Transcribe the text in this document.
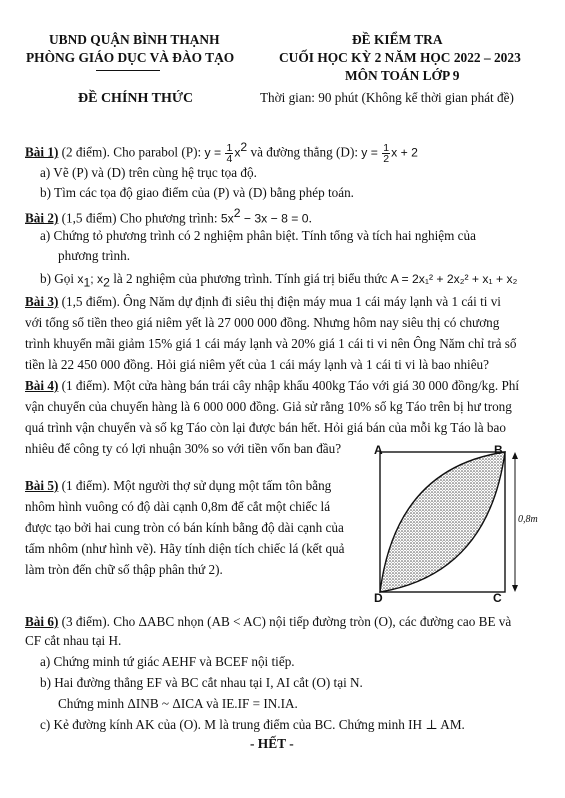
UBND QUẬN BÌNH THẠNH
PHÒNG GIÁO DỤC VÀ ĐÀO TẠO
ĐỀ CHÍNH THỨC
ĐỀ KIỂM TRA
CUỐI HỌC KỲ 2 NĂM HỌC 2022 – 2023
MÔN TOÁN LỚP 9
Thời gian: 90 phút (Không kể thời gian phát đề)
Bài 1) (2 điểm). Cho parabol (P): $y = \frac{1}{4} x^2$ và đường thẳng (D): $y = \frac{1}{2}$ x + 2
a) Vẽ (P) và (D) trên cùng hệ trục tọa độ.
b) Tìm các tọa độ giao điểm của (P) và (D) bằng phép toán.
Bài 2) (1,5 điểm) Cho phương trình: $5x^2 - 3x - 8 = 0$.
a) Chứng tỏ phương trình có 2 nghiệm phân biệt. Tính tổng và tích hai nghiệm của
phương trình.
b) Gọi $x_1$; $x_2$ là 2 nghiệm của phương trình. Tính giá trị biểu thức A = 2x₁² + 2x₂² + x₁ + x₂
Bài 3) (1,5 điểm). Ông Năm dự định đi siêu thị điện máy mua 1 cái máy lạnh và 1 cái ti vi
với tổng số tiền theo giá niêm yết là 27 000 000 đồng. Nhưng hôm nay siêu thị có chương
trình khuyến mãi giảm 15% giá 1 cái máy lạnh và 20% giá 1 cái ti vi nên Ông Năm chỉ trả số
tiền là 22 450 000 đồng. Hỏi giá niêm yết của 1 cái máy lạnh và 1 cái ti vi là bao nhiêu?
Bài 4) (1 điểm). Một cửa hàng bán trái cây nhập khẩu 400kg Táo với giá 30 000 đồng/kg. Phí
vận chuyển của chuyến hàng là 6 000 000 đồng. Giả sử rằng 10% số kg Táo trên bị hư trong
quá trình vận chuyển và số kg Táo còn lại được bán hết. Hỏi giá bán của mỗi kg Táo là bao
nhiêu để công ty có lợi nhuận 30% so với tiền vốn ban đầu?
Bài 5) (1 điểm). Một người thợ sử dụng một tấm tôn bằng
nhôm hình vuông có độ dài cạnh 0,8m để cắt một chiếc lá
được tạo bởi hai cung tròn có bán kính bằng độ dài cạnh của
tấm nhôm (như hình vẽ). Hãy tính diện tích chiếc lá (kết quả
làm tròn đến chữ số thập phân thứ 2).
A	B
D	C
0,8m
Bài 6) (3 điểm). Cho ΔABC nhọn (AB < AC) nội tiếp đường tròn (O), các đường cao BE và
CF cắt nhau tại H.
a) Chứng minh tứ giác AEHF và BCEF nội tiếp.
b) Hai đường thẳng EF và BC cắt nhau tại I, AI cắt (O) tại N.
Chứng minh ΔINB ~ ΔICA và IE.IF = IN.IA.
c) Kẻ đường kính AK của (O). M là trung điểm của BC. Chứng minh IH ⊥ AM.
- HẾT -
